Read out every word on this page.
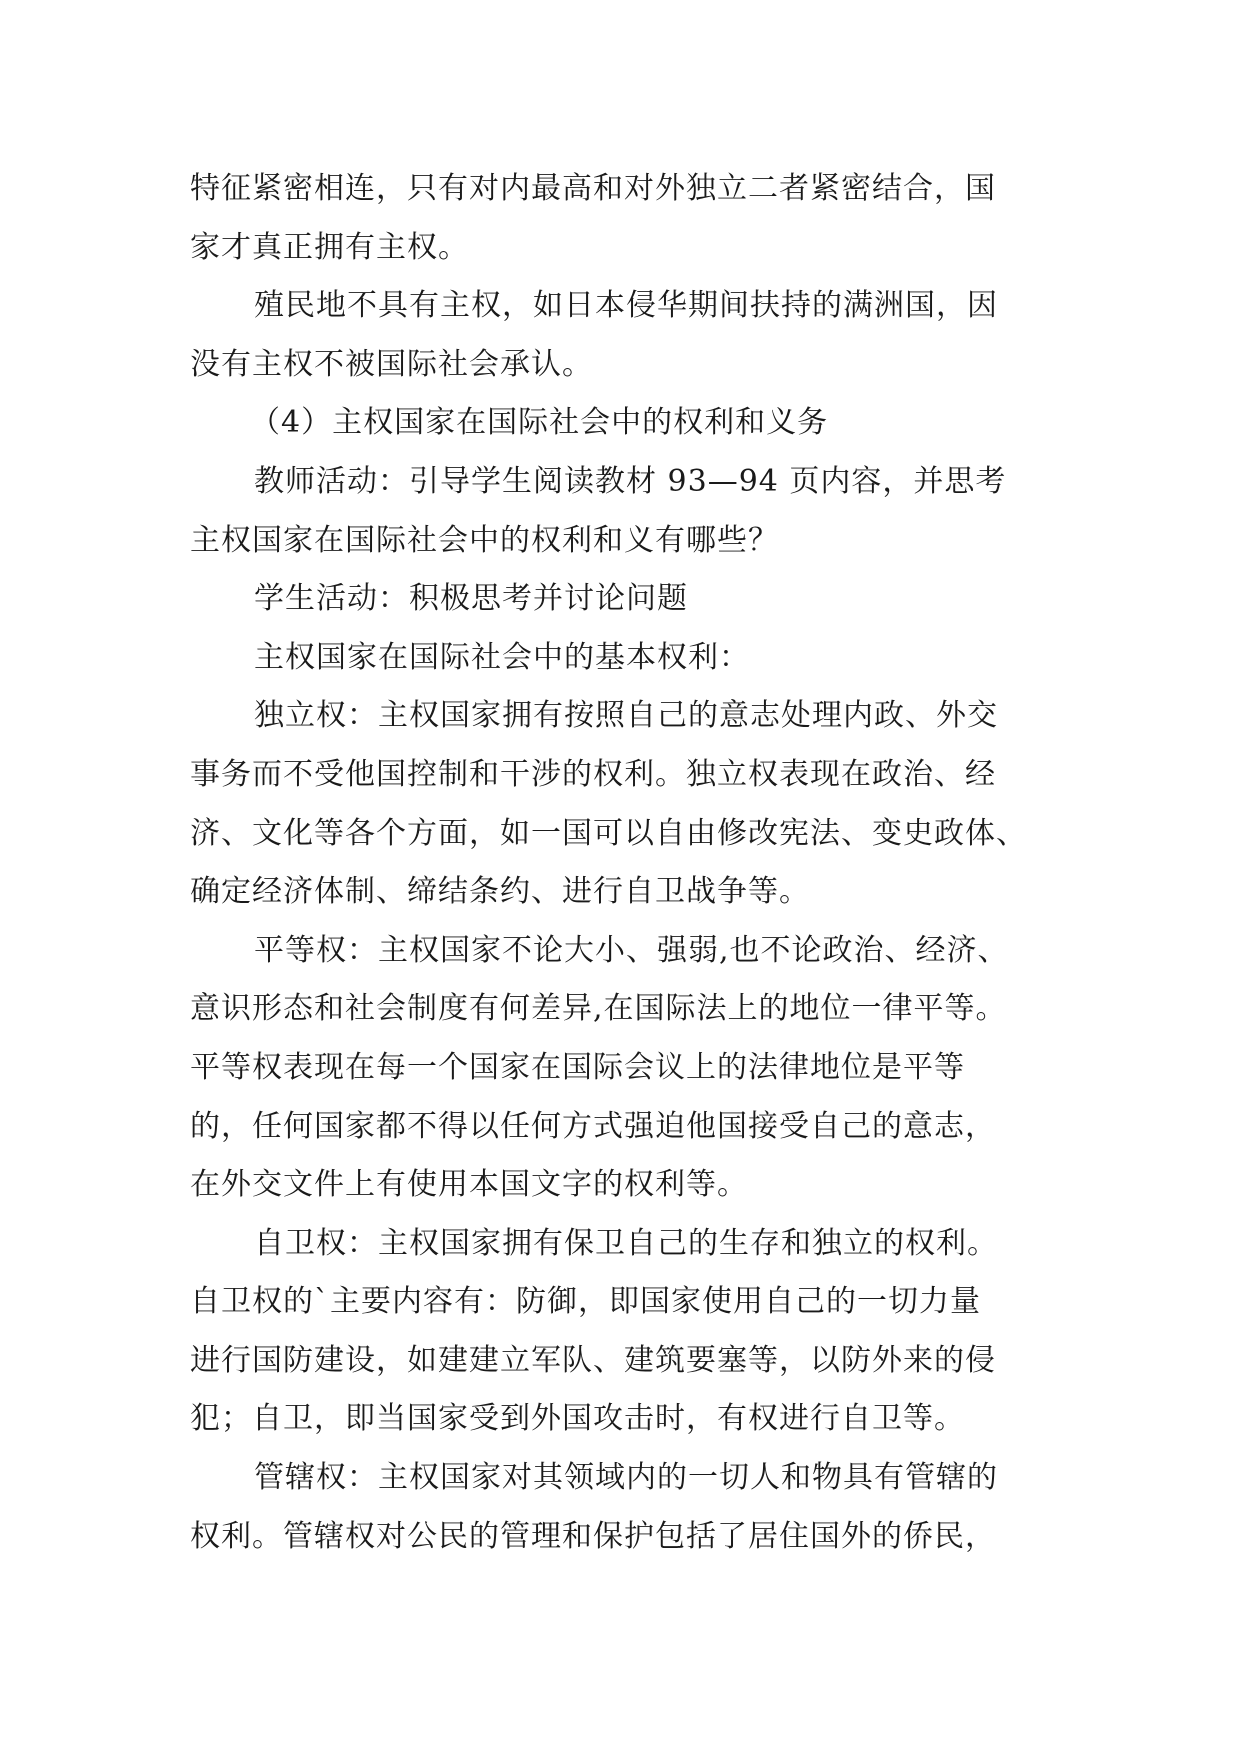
特征紧密相连，只有对内最高和对外独立二者紧密结合，国
家才真正拥有主权。
殖民地不具有主权，如日本侵华期间扶持的满洲国，因
没有主权不被国际社会承认。
（4）主权国家在国际社会中的权利和义务
教师活动：引导学生阅读教材 93—94 页内容，并思考
主权国家在国际社会中的权利和义有哪些？
学生活动：积极思考并讨论问题
主权国家在国际社会中的基本权利：
独立权：主权国家拥有按照自己的意志处理内政、外交
事务而不受他国控制和干涉的权利。独立权表现在政治、经
济、文化等各个方面，如一国可以自由修改宪法、变史政体、
确定经济体制、缔结条约、进行自卫战争等。
平等权：主权国家不论大小、强弱,也不论政治、经济、
意识形态和社会制度有何差异,在国际法上的地位一律平等。
平等权表现在每一个国家在国际会议上的法律地位是平等
的，任何国家都不得以任何方式强迫他国接受自己的意志，
在外交文件上有使用本国文字的权利等。
自卫权：主权国家拥有保卫自己的生存和独立的权利。
自卫权的`主要内容有：防御，即国家使用自己的一切力量
进行国防建设，如建建立军队、建筑要塞等，以防外来的侵
犯；自卫，即当国家受到外国攻击时，有权进行自卫等。
管辖权：主权国家对其领域内的一切人和物具有管辖的
权利。管辖权对公民的管理和保护包括了居住国外的侨民，
